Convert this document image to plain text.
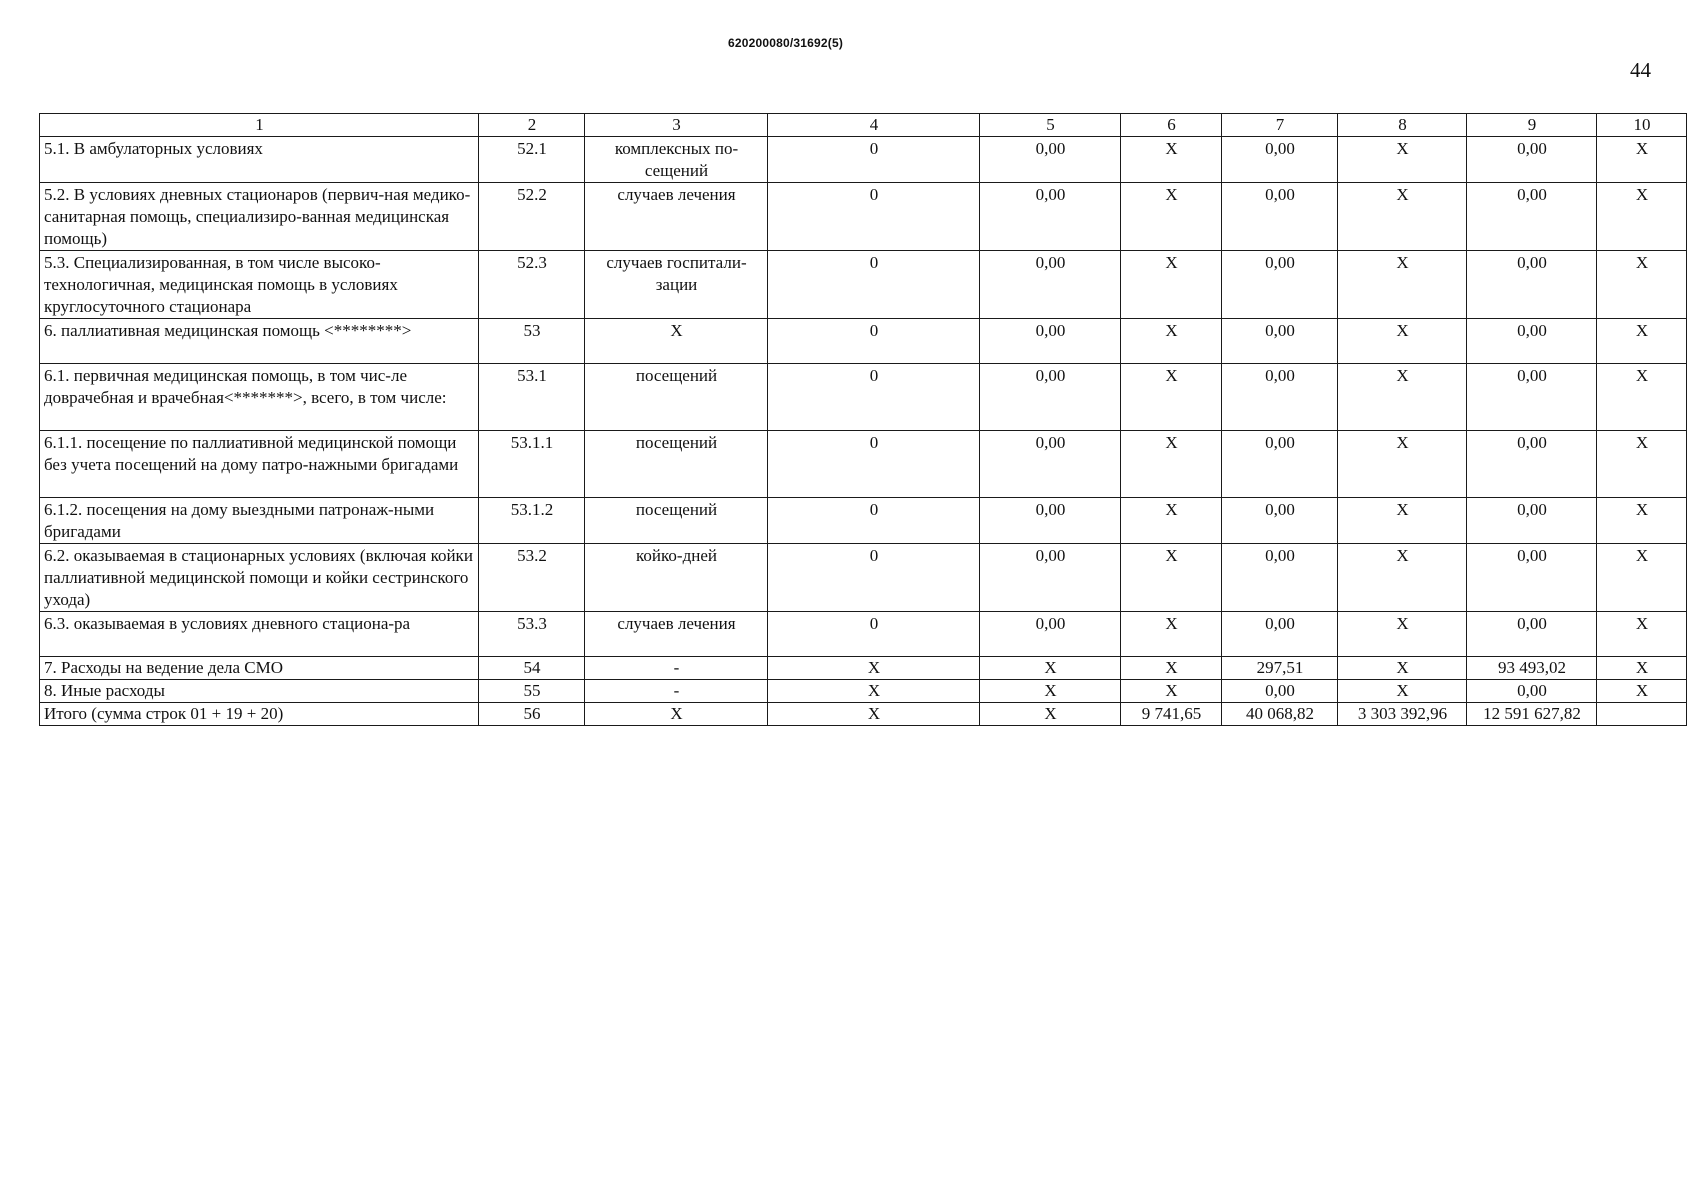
620200080/31692(5)
44
1	2	3	4	5	6	7	8	9	10
5.1. В амбулаторных условиях	52.1	комплексных по-сещений	0	0,00	X	0,00	X	0,00	X
5.2. В условиях дневных стационаров (первич-ная медико-санитарная помощь, специализиро-ванная медицинская помощь)	52.2	случаев лечения	0	0,00	X	0,00	X	0,00	X
5.3. Специализированная, в том числе высоко-технологичная, медицинская помощь в условиях круглосуточного стационара	52.3	случаев госпитали-зации	0	0,00	X	0,00	X	0,00	X
6. паллиативная медицинская помощь <********>	53	X	0	0,00	X	0,00	X	0,00	X
6.1. первичная медицинская помощь, в том чис-ле доврачебная и врачебная<*******>, всего, в том числе:	53.1	посещений	0	0,00	X	0,00	X	0,00	X
6.1.1. посещение по паллиативной медицинской помощи без учета посещений на дому патро-нажными бригадами	53.1.1	посещений	0	0,00	X	0,00	X	0,00	X
6.1.2. посещения на дому выездными патронаж-ными бригадами	53.1.2	посещений	0	0,00	X	0,00	X	0,00	X
6.2. оказываемая в стационарных условиях (включая койки паллиативной медицинской помощи и койки сестринского ухода)	53.2	койко-дней	0	0,00	X	0,00	X	0,00	X
6.3. оказываемая в условиях дневного стациона-ра	53.3	случаев лечения	0	0,00	X	0,00	X	0,00	X
7. Расходы на ведение дела СМО	54	-	X	X	X	297,51	X	93 493,02	X
8. Иные расходы	55	-	X	X	X	0,00	X	0,00	X
Итого (сумма строк 01 + 19 + 20)	56	X	X	X	9 741,65	40 068,82	3 303 392,96	12 591 627,82	
